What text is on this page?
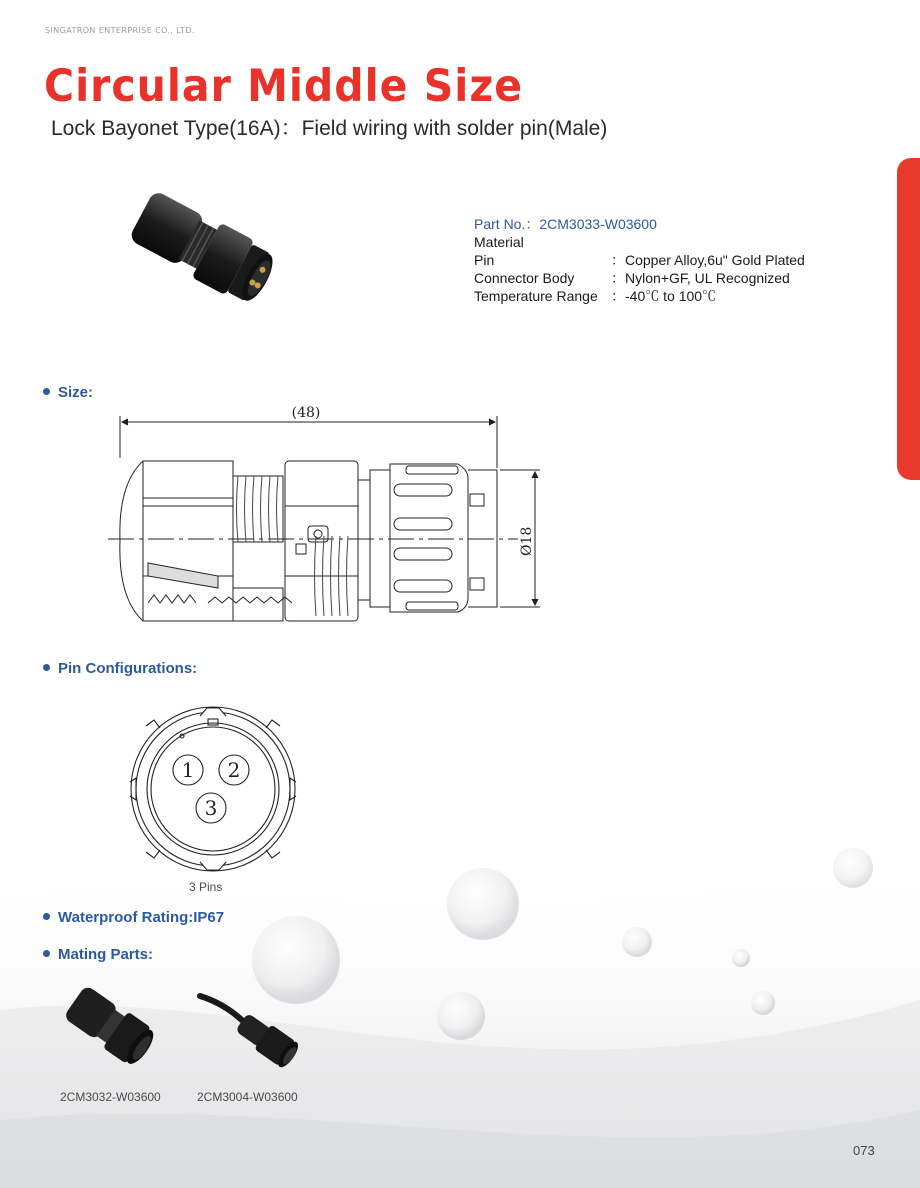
SINGATRON ENTERPRISE CO., LTD.
Circular Middle Size
Lock Bayonet Type(16A)：Field wiring with solder pin(Male)
Part No.：2CM3033-W03600
Material
Pin	：Copper Alloy,6u" Gold Plated
Connector Body	：Nylon+GF, UL Recognized
Temperature Range ：-40℃ to 100℃
Size:
(48)
Ø18
Pin Configurations:
1 2
3
3 Pins
Waterproof Rating:IP67
Mating Parts:
2CM3032-W03600	2CM3004-W03600
073
